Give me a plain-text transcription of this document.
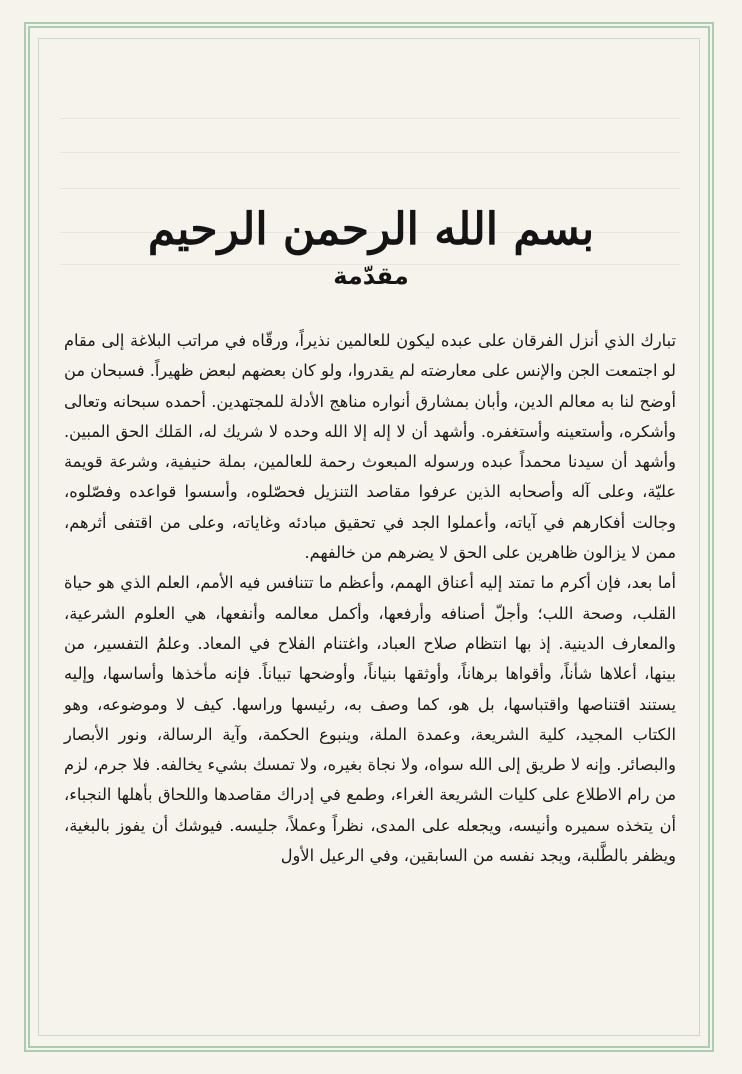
بسم الله الرحمن الرحيم
مقدّمة

تبارك الذي أنزل الفرقان على عبده ليكون للعالمين نذيراً، ورقّاه في مراتب البلاغة إلى مقام لو اجتمعت الجن والإنس على معارضته لم يقدروا، ولو كان بعضهم لبعض ظهيراً. فسبحان من أوضح لنا به معالم الدين، وأبان بمشارق أنواره مناهج الأدلة للمجتهدين. أحمده سبحانه وتعالى وأشكره، وأستعينه وأستغفره. وأشهد أن لا إله إلا الله وحده لا شريك له، المَلك الحق المبين. وأشهد أن سيدنا محمداً عبده ورسوله المبعوث رحمة للعالمين، بملة حنيفية، وشرعة قويمة عليّة، وعلى آله وأصحابه الذين عرفوا مقاصد التنزيل فحصّلوه، وأسسوا قواعده وفصّلوه، وجالت أفكارهم في آياته، وأعملوا الجد في تحقيق مبادئه وغاياته، وعلى من اقتفى أثرهم، ممن لا يزالون ظاهرين على الحق لا يضرهم من خالفهم.

أما بعد، فإن أكرم ما تمتد إليه أعناق الهمم، وأعظم ما تتنافس فيه الأمم، العلم الذي هو حياة القلب، وصحة اللب؛ وأجلّ أصنافه وأرفعها، وأكمل معالمه وأنفعها، هي العلوم الشرعية، والمعارف الدينية. إذ بها انتظام صلاح العباد، واغتنام الفلاح في المعاد. وعلمُ التفسير، من بينها، أعلاها شأناً، وأقواها برهاناً، وأوثقها بنياناً، وأوضحها تبياناً. فإنه مأخذها وأساسها، وإليه يستند اقتناصها واقتباسها، بل هو، كما وصف به، رئيسها وراسها. كيف لا وموضوعه، وهو الكتاب المجيد، كلية الشريعة، وعمدة الملة، وينبوع الحكمة، وآية الرسالة، ونور الأبصار والبصائر. وإنه لا طريق إلى الله سواه، ولا نجاة بغيره، ولا تمسك بشيء يخالفه. فلا جرم، لزم من رام الاطلاع على كليات الشريعة الغراء، وطمع في إدراك مقاصدها واللحاق بأهلها النجباء، أن يتخذه سميره وأنيسه، ويجعله على المدى، نظراً وعملاً، جليسه. فيوشك أن يفوز بالبغية، ويظفر بالطَّلبة، ويجد نفسه من السابقين، وفي الرعيل الأول
